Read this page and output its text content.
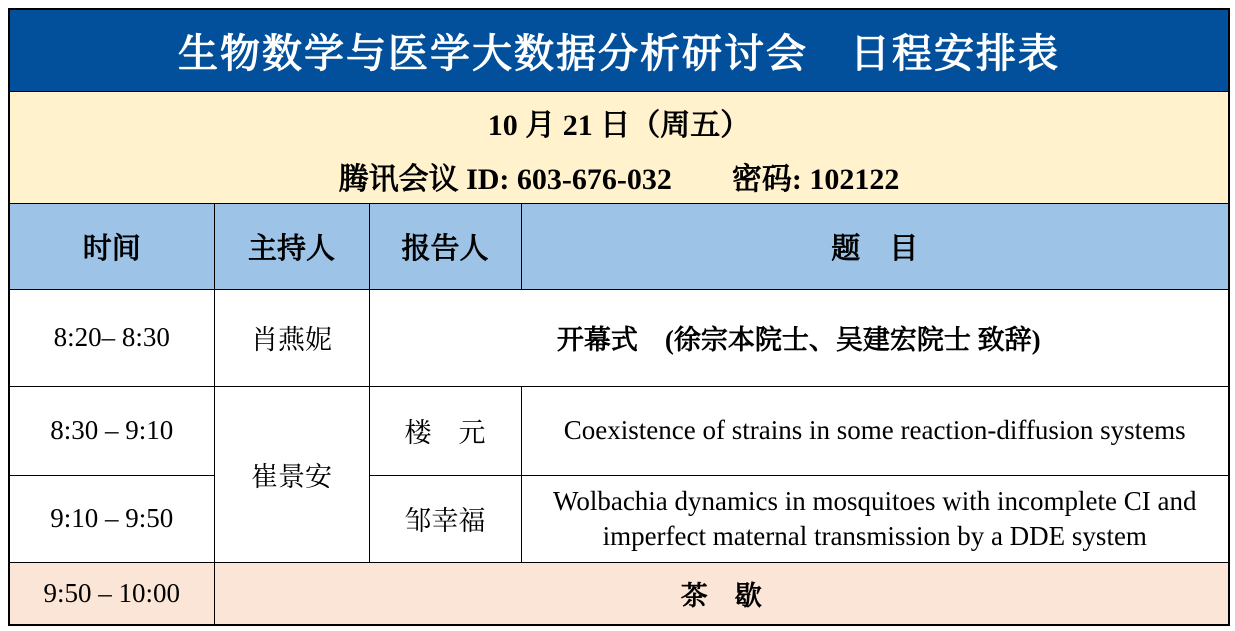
生物数学与医学大数据分析研讨会　日程安排表			

10 月 21 日（周五）
腾讯会议 ID: 603-676-032　　密码: 102122			

时间	主持人	报告人	题　目
8:20– 8:30	肖燕妮	开幕式　(徐宗本院士、吴建宏院士 致辞)	
8:30 – 9:10	崔景安	楼　元	Coexistence of strains in some reaction-diffusion systems
9:10 – 9:50		邹幸福	Wolbachia dynamics in mosquitoes with incomplete CI and imperfect maternal transmission by a DDE system
9:50 – 10:00	茶　歇		
